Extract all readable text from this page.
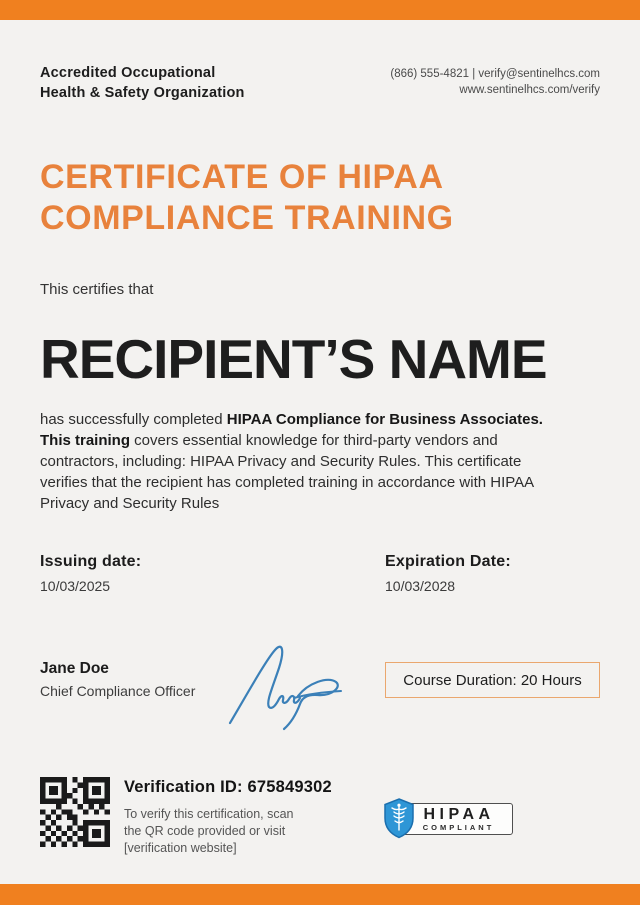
Accredited Occupational
Health & Safety Organization
(866) 555-4821 | verify@sentinelhcs.com
www.sentinelhcs.com/verify
CERTIFICATE OF HIPAA
COMPLIANCE TRAINING
This certifies that
RECIPIENT’S NAME
has successfully completed HIPAA Compliance for Business Associates. This training covers essential knowledge for third-party vendors and contractors, including: HIPAA Privacy and Security Rules. This certificate verifies that the recipient has completed training in accordance with HIPAA Privacy and Security Rules
Issuing date:
10/03/2025
Expiration Date:
10/03/2028
Jane Doe
Chief Compliance Officer
Course Duration: 20 Hours
Verification ID: 675849302
To verify this certification, scan
the QR code provided or visit
[verification website]
HIPAA
COMPLIANT
